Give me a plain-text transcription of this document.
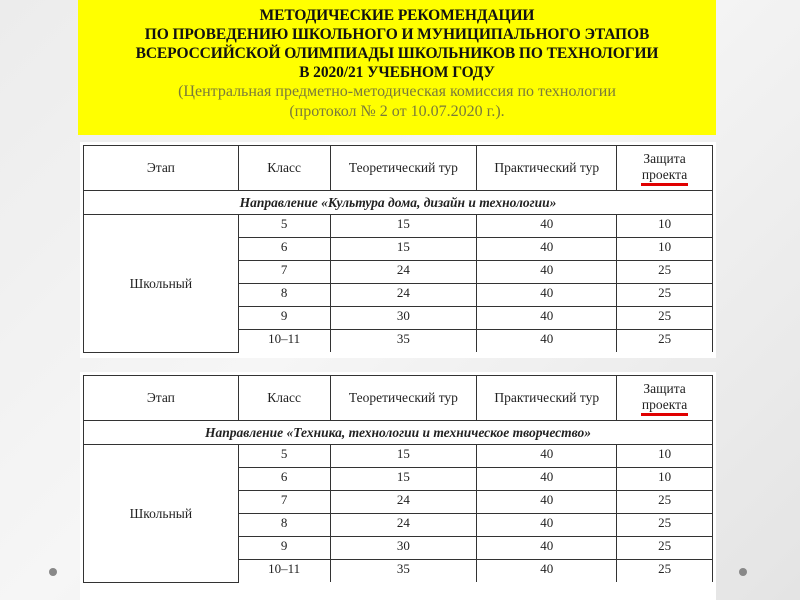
МЕТОДИЧЕСКИЕ РЕКОМЕНДАЦИИ
ПО ПРОВЕДЕНИЮ ШКОЛЬНОГО И МУНИЦИПАЛЬНОГО ЭТАПОВ
ВСЕРОССИЙСКОЙ ОЛИМПИАДЫ ШКОЛЬНИКОВ ПО ТЕХНОЛОГИИ
В 2020/21 УЧЕБНОМ ГОДУ
(Центральная предметно-методическая комиссия по технологии
(протокол № 2 от 10.07.2020 г.).
Этап	Класс	Теоретический тур	Практический тур	Защита
проекта
Направление «Культура дома, дизайн и технологии»				
Школьный	5	15	40	10
	6	15	40	10
	7	24	40	25
	8	24	40	25
	9	30	40	25
	10–11	35	40	25
Этап	Класс	Теоретический тур	Практический тур	Защита
проекта
Направление «Техника, технологии и техническое творчество»				
Школьный	5	15	40	10
	6	15	40	10
	7	24	40	25
	8	24	40	25
	9	30	40	25
	10–11	35	40	25
